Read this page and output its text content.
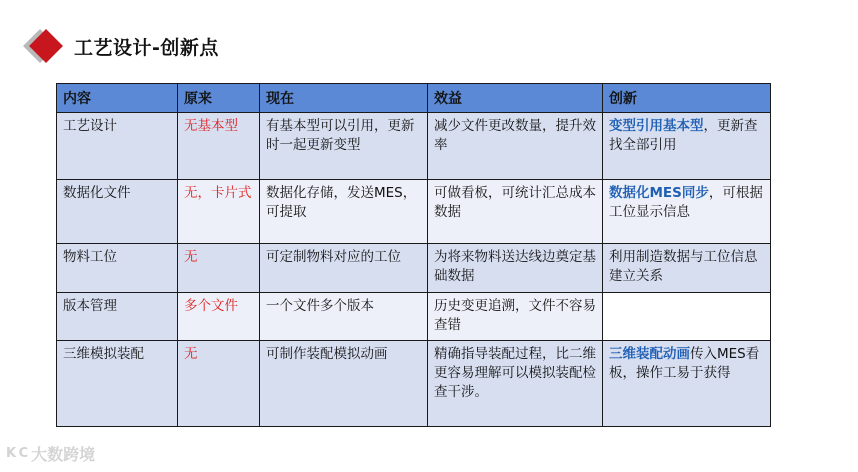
工艺设计-创新点
内容	原来	现在	效益	创新
工艺设计	无基本型	有基本型可以引用，更新时一起更新变型	减少文件更改数量，提升效率	变型引用基本型，更新查找全部引用
数据化文件	无，卡片式	数据化存储，发送MES，可提取	可做看板，可统计汇总成本数据	数据化MES同步，可根据工位显示信息
物料工位	无	可定制物料对应的工位	为将来物料送达线边奠定基础数据	利用制造数据与工位信息建立关系
版本管理	多个文件	一个文件多个版本	历史变更追溯，文件不容易查错	
三维模拟装配	无	可制作装配模拟动画	精确指导装配过程，比二维更容易理解可以模拟装配检查干涉。	三维装配动画传入MES看板，操作工易于获得
K C 大数跨境
